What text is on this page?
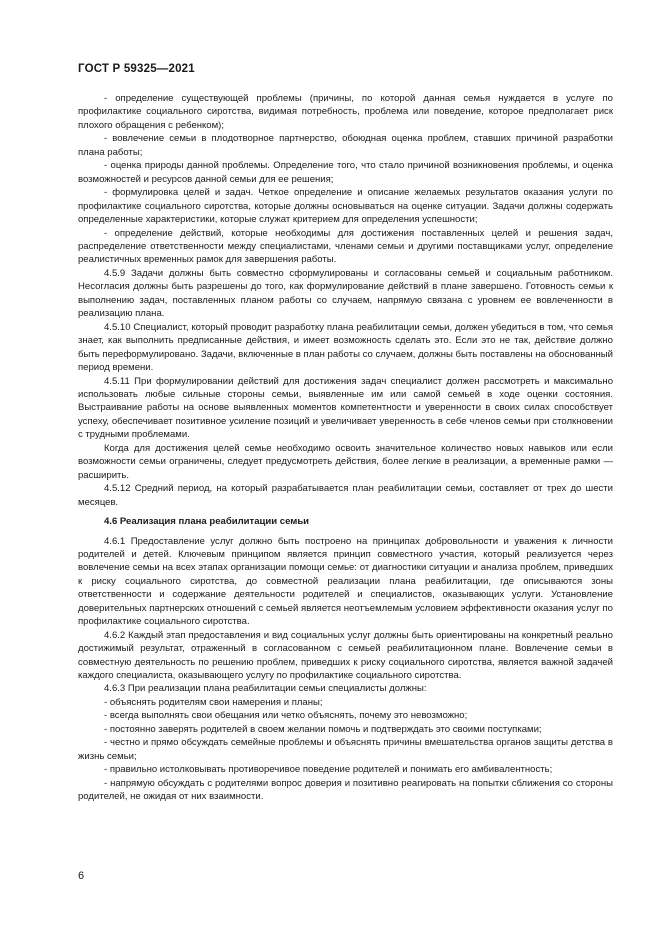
ГОСТ Р 59325—2021

- определение существующей проблемы (причины, по которой данная семья нуждается в услуге по профилактике социального сиротства, видимая потребность, проблема или поведение, которое предполагает риск плохого обращения с ребенком);

- вовлечение семьи в плодотворное партнерство, обоюдная оценка проблем, ставших причиной разработки плана работы;

- оценка природы данной проблемы. Определение того, что стало причиной возникновения проблемы, и оценка возможностей и ресурсов данной семьи для ее решения;

- формулировка целей и задач. Четкое определение и описание желаемых результатов оказания услуги по профилактике социального сиротства, которые должны основываться на оценке ситуации. Задачи должны содержать определенные характеристики, которые служат критерием для определения успешности;

- определение действий, которые необходимы для достижения поставленных целей и решения задач, распределение ответственности между специалистами, членами семьи и другими поставщиками услуг, определение реалистичных временных рамок для завершения работы.

4.5.9 Задачи должны быть совместно сформулированы и согласованы семьей и социальным работником. Несогласия должны быть разрешены до того, как формулирование действий в плане завершено. Готовность семьи к выполнению задач, поставленных планом работы со случаем, напрямую связана с уровнем ее вовлеченности в реализацию плана.

4.5.10 Специалист, который проводит разработку плана реабилитации семьи, должен убедиться в том, что семья знает, как выполнить предписанные действия, и имеет возможность сделать это. Если это не так, действие должно быть переформулировано. Задачи, включенные в план работы со случаем, должны быть поставлены на обоснованный период времени.

4.5.11 При формулировании действий для достижения задач специалист должен рассмотреть и максимально использовать любые сильные стороны семьи, выявленные им или самой семьей в ходе оценки состояния. Выстраивание работы на основе выявленных моментов компетентности и уверенности в своих силах способствует успеху, обеспечивает позитивное усиление позиций и увеличивает уверенность в себе членов семьи при столкновении с трудными проблемами.

Когда для достижения целей семье необходимо освоить значительное количество новых навыков или если возможности семьи ограничены, следует предусмотреть действия, более легкие в реализации, а временные рамки — расширить.

4.5.12 Средний период, на который разрабатывается план реабилитации семьи, составляет от трех до шести месяцев.

4.6 Реализация плана реабилитации семьи

4.6.1 Предоставление услуг должно быть построено на принципах добровольности и уважения к личности родителей и детей. Ключевым принципом является принцип совместного участия, который реализуется через вовлечение семьи на всех этапах организации помощи семье: от диагностики ситуации и анализа проблем, приведших к риску социального сиротства, до совместной реализации плана реабилитации, где описываются зоны ответственности и содержание деятельности родителей и специалистов, оказывающих услуги. Установление доверительных партнерских отношений с семьей является неотъемлемым условием эффективности оказания услуг по профилактике социального сиротства.

4.6.2 Каждый этап предоставления и вид социальных услуг должны быть ориентированы на конкретный реально достижимый результат, отраженный в согласованном с семьей реабилитационном плане. Вовлечение семьи в совместную деятельность по решению проблем, приведших к риску социального сиротства, является важной задачей каждого специалиста, оказывающего услугу по профилактике социального сиротства.

4.6.3 При реализации плана реабилитации семьи специалисты должны:

- объяснять родителям свои намерения и планы;

- всегда выполнять свои обещания или четко объяснять, почему это невозможно;

- постоянно заверять родителей в своем желании помочь и подтверждать это своими поступками;

- честно и прямо обсуждать семейные проблемы и объяснять причины вмешательства органов защиты детства в жизнь семьи;

- правильно истолковывать противоречивое поведение родителей и понимать его амбивалентность;

- напрямую обсуждать с родителями вопрос доверия и позитивно реагировать на попытки сближения со стороны родителей, не ожидая от них взаимности.

6
